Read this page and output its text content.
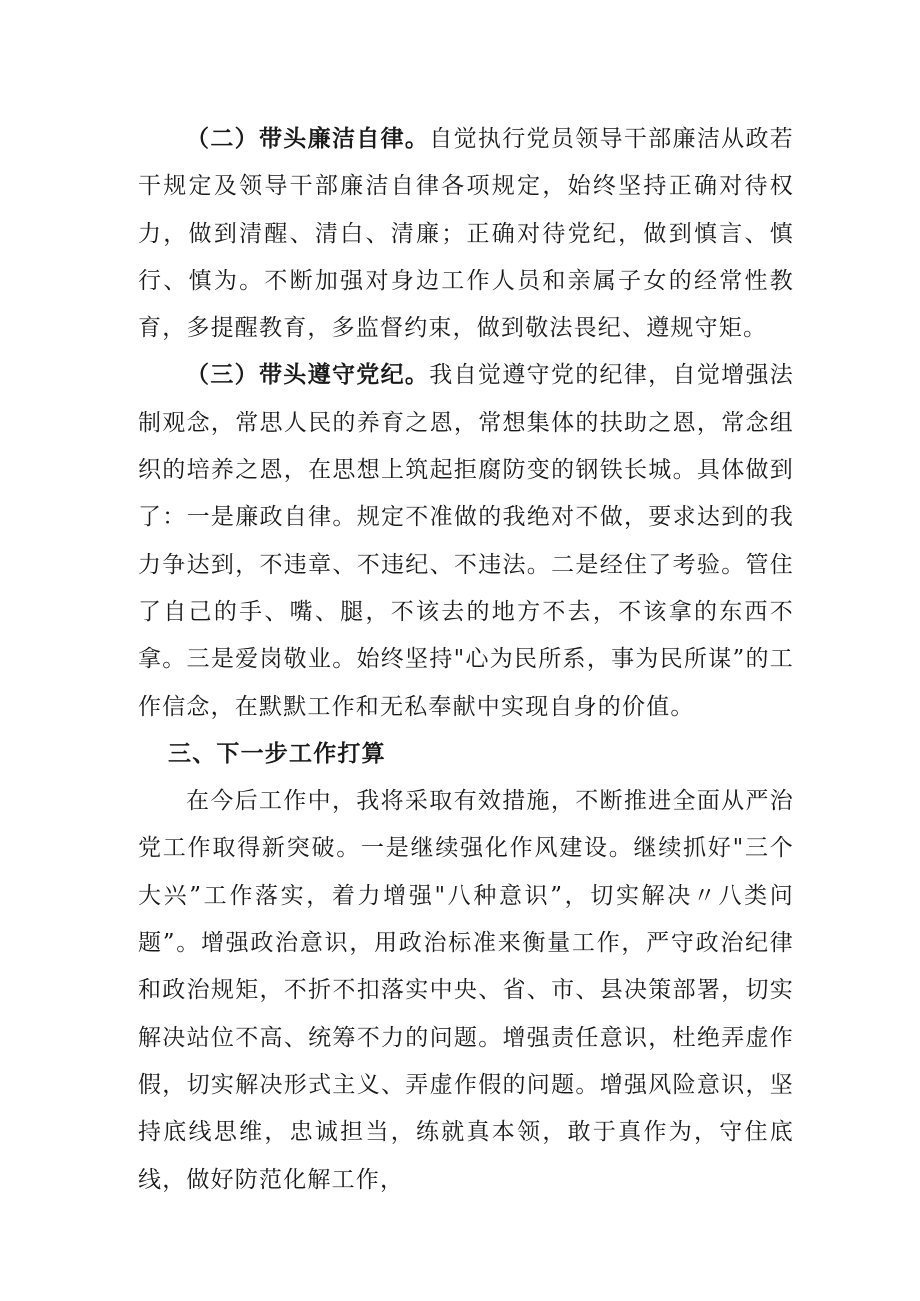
（二）带头廉洁自律。自觉执行党员领导干部廉洁从政若干规定及领导干部廉洁自律各项规定，始终坚持正确对待权力，做到清醒、清白、清廉；正确对待党纪，做到慎言、慎行、慎为。不断加强对身边工作人员和亲属子女的经常性教育，多提醒教育，多监督约束，做到敬法畏纪、遵规守矩。

（三）带头遵守党纪。我自觉遵守党的纪律，自觉增强法制观念，常思人民的养育之恩，常想集体的扶助之恩，常念组织的培养之恩，在思想上筑起拒腐防变的钢铁长城。具体做到了：一是廉政自律。规定不准做的我绝对不做，要求达到的我力争达到，不违章、不违纪、不违法。二是经住了考验。管住了自己的手、嘴、腿，不该去的地方不去，不该拿的东西不拿。三是爱岗敬业。始终坚持"心为民所系，事为民所谋”的工作信念，在默默工作和无私奉献中实现自身的价值。

三、下一步工作打算

在今后工作中，我将采取有效措施，不断推进全面从严治党工作取得新突破。一是继续强化作风建设。继续抓好"三个大兴”工作落实，着力增强"八种意识”，切实解决〃八类问题”。增强政治意识，用政治标准来衡量工作，严守政治纪律和政治规矩，不折不扣落实中央、省、市、县决策部署，切实解决站位不高、统筹不力的问题。增强责任意识，杜绝弄虚作假，切实解决形式主义、弄虚作假的问题。增强风险意识，坚持底线思维，忠诚担当，练就真本领，敢于真作为，守住底线，做好防范化解工作，
